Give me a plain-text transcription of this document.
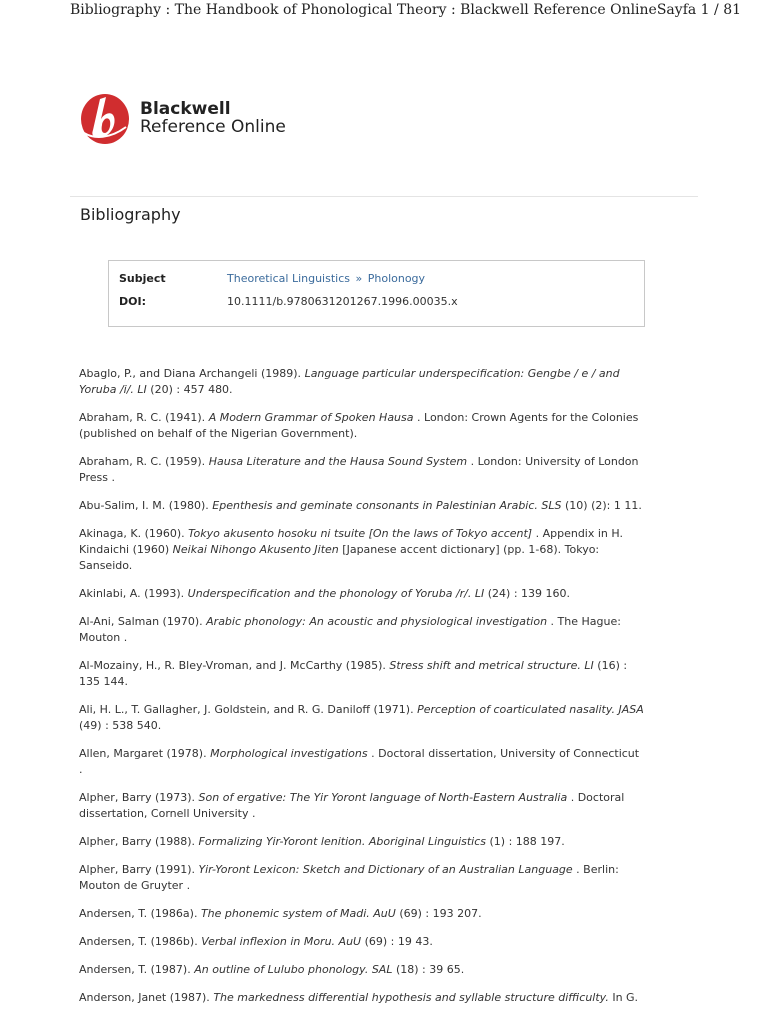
Bibliography : The Handbook of Phonological Theory : Blackwell Reference Online Sayfa 1 / 81
Blackwell
Reference Online
Bibliography
Subject	Theoretical Linguistics » Pholonogy
DOI:	10.1111/b.9780631201267.1996.00035.x

Abaglo, P., and Diana Archangeli (1989). Language particular underspecification: Gengbe / e / and Yoruba /i/. LI (20) : 457 480.

Abraham, R. C. (1941). A Modern Grammar of Spoken Hausa . London: Crown Agents for the Colonies (published on behalf of the Nigerian Government).

Abraham, R. C. (1959). Hausa Literature and the Hausa Sound System . London: University of London Press .

Abu-Salim, I. M. (1980). Epenthesis and geminate consonants in Palestinian Arabic. SLS (10) (2): 1 11.

Akinaga, K. (1960). Tokyo akusento hosoku ni tsuite [On the laws of Tokyo accent] . Appendix in H. Kindaichi (1960) Neikai Nihongo Akusento Jiten [Japanese accent dictionary] (pp. 1-68). Tokyo: Sanseido.

Akinlabi, A. (1993). Underspecification and the phonology of Yoruba /r/. LI (24) : 139 160.

Al-Ani, Salman (1970). Arabic phonology: An acoustic and physiological investigation . The Hague: Mouton .

Al-Mozainy, H., R. Bley-Vroman, and J. McCarthy (1985). Stress shift and metrical structure. LI (16) : 135 144.

Ali, H. L., T. Gallagher, J. Goldstein, and R. G. Daniloff (1971). Perception of coarticulated nasality. JASA (49) : 538 540.

Allen, Margaret (1978). Morphological investigations . Doctoral dissertation, University of Connecticut .

Alpher, Barry (1973). Son of ergative: The Yir Yoront language of North-Eastern Australia . Doctoral dissertation, Cornell University .

Alpher, Barry (1988). Formalizing Yir-Yoront lenition. Aboriginal Linguistics (1) : 188 197.

Alpher, Barry (1991). Yir-Yoront Lexicon: Sketch and Dictionary of an Australian Language . Berlin: Mouton de Gruyter .

Andersen, T. (1986a). The phonemic system of Madi. AuU (69) : 193 207.

Andersen, T. (1986b). Verbal inflexion in Moru. AuU (69) : 19 43.

Andersen, T. (1987). An outline of Lulubo phonology. SAL (18) : 39 65.

Anderson, Janet (1987). The markedness differential hypothesis and syllable structure difficulty. In G.
